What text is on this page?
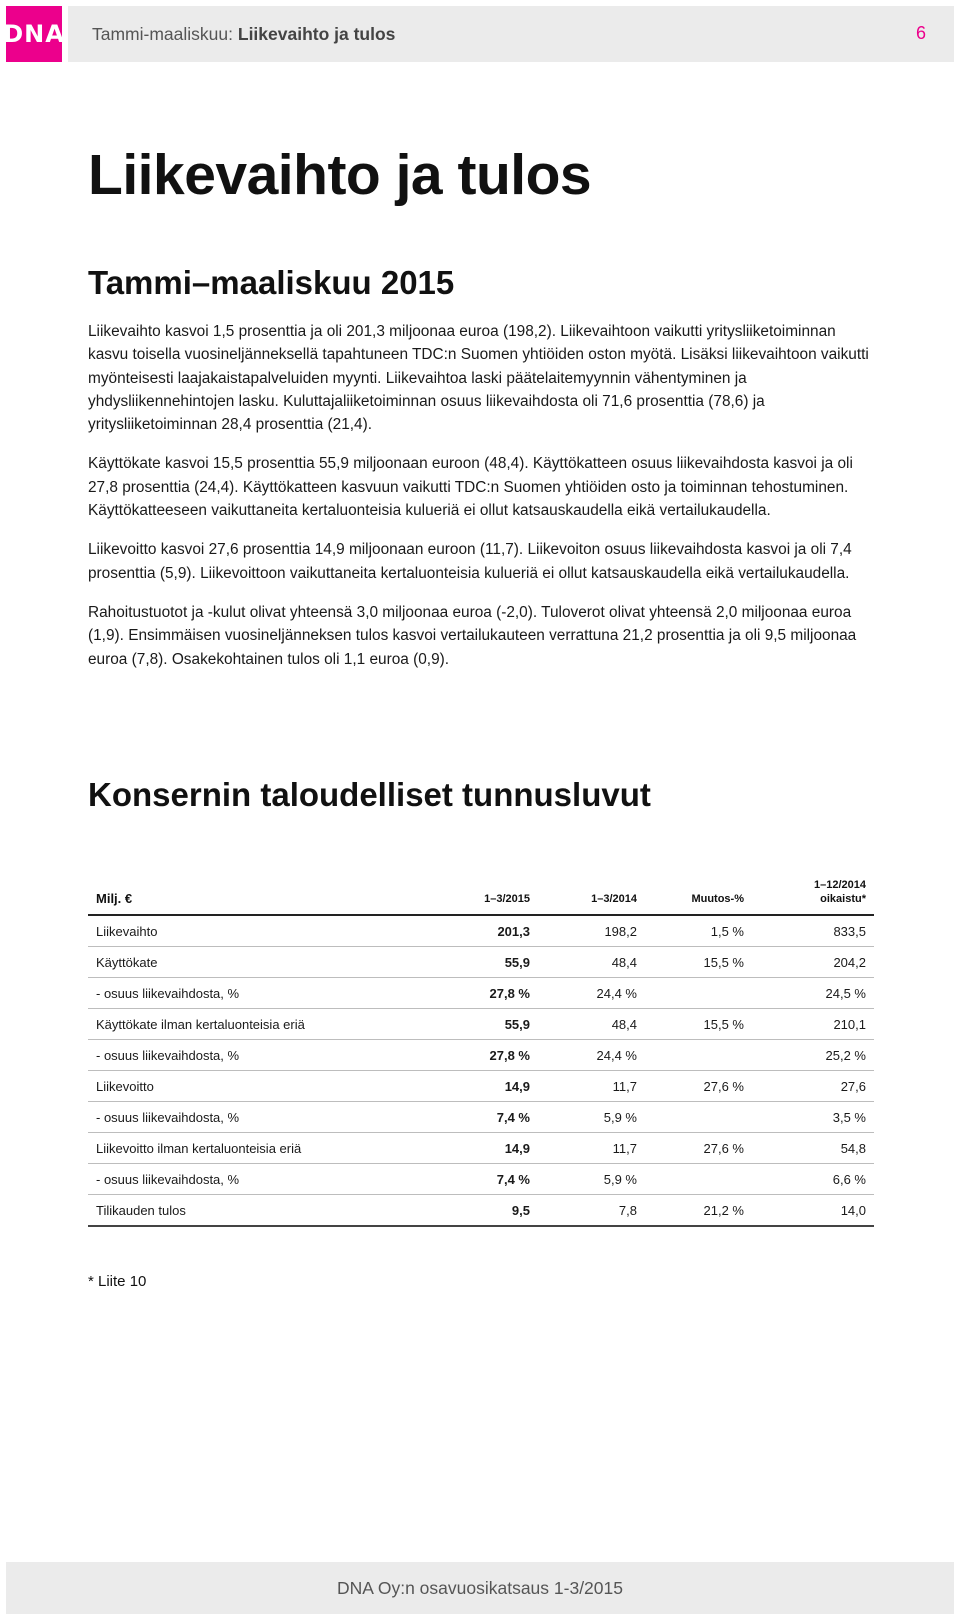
DNA Tammi-maaliskuu: Liikevaihto ja tulos	6
Liikevaihto ja tulos
Tammi–maaliskuu 2015

Liikevaihto kasvoi 1,5 prosenttia ja oli 201,3 miljoonaa euroa (198,2). Liikevaihtoon vaikutti yritysliiketoiminnan kasvu toisella vuosineljänneksellä tapahtuneen TDC:n Suomen yhtiöiden oston myötä. Lisäksi liikevaihtoon vaikutti myönteisesti laajakaistapalveluiden myynti. Liikevaihtoa laski päätelaitemyynnin vähentyminen ja yhdysliikennehintojen lasku. Kuluttajaliiketoiminnan osuus liikevaihdosta oli 71,6 prosenttia (78,6) ja yritysliiketoiminnan 28,4 prosenttia (21,4).

Käyttökate kasvoi 15,5 prosenttia 55,9 miljoonaan euroon (48,4). Käyttökatteen osuus liikevaihdosta kasvoi ja oli 27,8 prosenttia (24,4). Käyttökatteen kasvuun vaikutti TDC:n Suomen yhtiöiden osto ja toiminnan tehostuminen. Käyttökatteeseen vaikuttaneita kertaluonteisia kulueriä ei ollut katsauskaudella eikä vertailukaudella.

Liikevoitto kasvoi 27,6 prosenttia 14,9 miljoonaan euroon (11,7). Liikevoiton osuus liikevaihdosta kasvoi ja oli 7,4 prosenttia (5,9). Liikevoittoon vaikuttaneita kertaluonteisia kulueriä ei ollut katsauskaudella eikä vertailukaudella.

Rahoitustuotot ja -kulut olivat yhteensä 3,0 miljoonaa euroa (-2,0). Tuloverot olivat yhteensä 2,0 miljoonaa euroa (1,9). Ensimmäisen vuosineljänneksen tulos kasvoi vertailukauteen verrattuna 21,2 prosenttia ja oli 9,5 miljoonaa euroa (7,8). Osakekohtainen tulos oli 1,1 euroa (0,9).

Konsernin taloudelliset tunnusluvut
Milj. €	1–3/2015	1–3/2014	Muutos-%	1–12/2014
oikaistu*
Liikevaihto	201,3	198,2	1,5 %	833,5
Käyttökate	55,9	48,4	15,5 %	204,2
- osuus liikevaihdosta, %	27,8 %	24,4 %		24,5 %
Käyttökate ilman kertaluonteisia eriä	55,9	48,4	15,5 %	210,1
- osuus liikevaihdosta, %	27,8 %	24,4 %		25,2 %
Liikevoitto	14,9	11,7	27,6 %	27,6
- osuus liikevaihdosta, %	7,4 %	5,9 %		3,5 %
Liikevoitto ilman kertaluonteisia eriä	14,9	11,7	27,6 %	54,8
- osuus liikevaihdosta, %	7,4 %	5,9 %		6,6 %
Tilikauden tulos	9,5	7,8	21,2 %	14,0
* Liite 10
DNA Oy:n osavuosikatsaus 1-3/2015
